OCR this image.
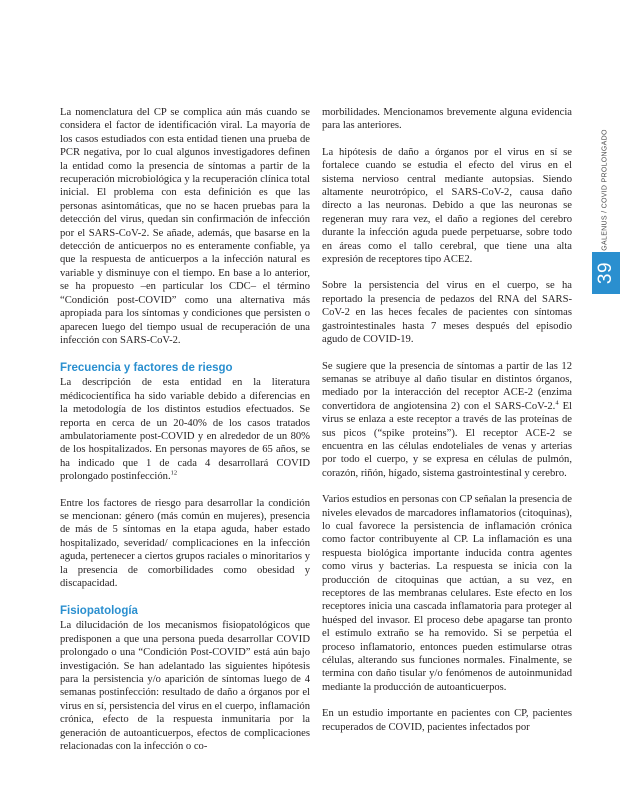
La nomenclatura del CP se complica aún más cuando se considera el factor de identificación viral. La mayoría de los casos estudiados con esta entidad tienen una prueba de PCR negativa, por lo cual algunos investigadores definen la entidad como la presencia de síntomas a partir de la recuperación microbiológica y la recuperación clínica total inicial. El problema con esta definición es que las personas asintomáticas, que no se hacen pruebas para la detección del virus, quedan sin confirmación de infección por el SARS-CoV-2. Se añade, además, que basarse en la detección de anticuerpos no es enteramente confiable, ya que la respuesta de anticuerpos a la infección natural es variable y disminuye con el tiempo. En base a lo anterior, se ha propuesto –en particular los CDC– el término “Condición post-COVID” como una alternativa más apropiada para los síntomas y condiciones que persisten o aparecen luego del tiempo usual de recuperación de una infección con SARS-CoV-2.

Frecuencia y factores de riesgo

La descripción de esta entidad en la literatura médicocientífica ha sido variable debido a diferencias en la metodología de los distintos estudios efectuados. Se reporta en cerca de un 20-40% de los casos tratados ambulatoriamente post-COVID y en alrededor de un 80% de los hospitalizados. En personas mayores de 65 años, se ha indicado que 1 de cada 4 desarrollará COVID prolongado postinfección.$^{12}$

Entre los factores de riesgo para desarrollar la condición se mencionan: género (más común en mujeres), presencia de más de 5 síntomas en la etapa aguda, haber estado hospitalizado, severidad/ complicaciones en la infección aguda, pertenecer a ciertos grupos raciales o minoritarios y la presencia de comorbilidades como obesidad y discapacidad.

Fisiopatología

La dilucidación de los mecanismos fisiopatológicos que predisponen a que una persona pueda desarrollar COVID prolongado o una “Condición Post-COVID” está aún bajo investigación. Se han adelantado las siguientes hipótesis para la persistencia y/o aparición de síntomas luego de 4 semanas postinfección: resultado de daño a órganos por el virus en sí, persistencia del virus en el cuerpo, inflamación crónica, efecto de la respuesta inmunitaria por la generación de autoanticuerpos, efectos de complicaciones relacionadas con la infección o co-

morbilidades. Mencionamos brevemente alguna evidencia para las anteriores.

La hipótesis de daño a órganos por el virus en sí se fortalece cuando se estudia el efecto del virus en el sistema nervioso central mediante autopsias. Siendo altamente neurotrópico, el SARS-CoV-2, causa daño directo a las neuronas. Debido a que las neuronas se regeneran muy rara vez, el daño a regiones del cerebro durante la infección aguda puede perpetuarse, sobre todo en áreas como el tallo cerebral, que tiene una alta expresión de receptores tipo ACE2.

Sobre la persistencia del virus en el cuerpo, se ha reportado la presencia de pedazos del RNA del SARS-CoV-2 en las heces fecales de pacientes con síntomas gastrointestinales hasta 7 meses después del episodio agudo de COVID-19.

Se sugiere que la presencia de síntomas a partir de las 12 semanas se atribuye al daño tisular en distintos órganos, mediado por la interacción del receptor ACE-2 (enzima convertidora de angiotensina 2) con el SARS-CoV-2.$^4$ El virus se enlaza a este receptor a través de las proteínas de sus picos (“spike proteins”). El receptor ACE-2 se encuentra en las células endoteliales de venas y arterias por todo el cuerpo, y se expresa en células de pulmón, corazón, riñón, hígado, sistema gastrointestinal y cerebro.

Varios estudios en personas con CP señalan la presencia de niveles elevados de marcadores inflamatorios (citoquinas), lo cual favorece la persistencia de inflamación crónica como factor contribuyente al CP. La inflamación es una respuesta biológica importante inducida contra agentes como virus y bacterias. La respuesta se inicia con la producción de citoquinas que actúan, a su vez, en receptores de las membranas celulares. Este efecto en los receptores inicia una cascada inflamatoria para proteger al huésped del invasor. El proceso debe apagarse tan pronto el estímulo extraño se ha removido. Si se perpetúa el proceso inflamatorio, entonces pueden estimularse otras células, alterando sus funciones normales. Finalmente, se termina con daño tisular y/o fenómenos de autoinmunidad mediante la producción de autoanticuerpos.

En un estudio importante en pacientes con CP, pacientes recuperados de COVID, pacientes infectados por

GALENUS / COVID PROLONGADO
39
